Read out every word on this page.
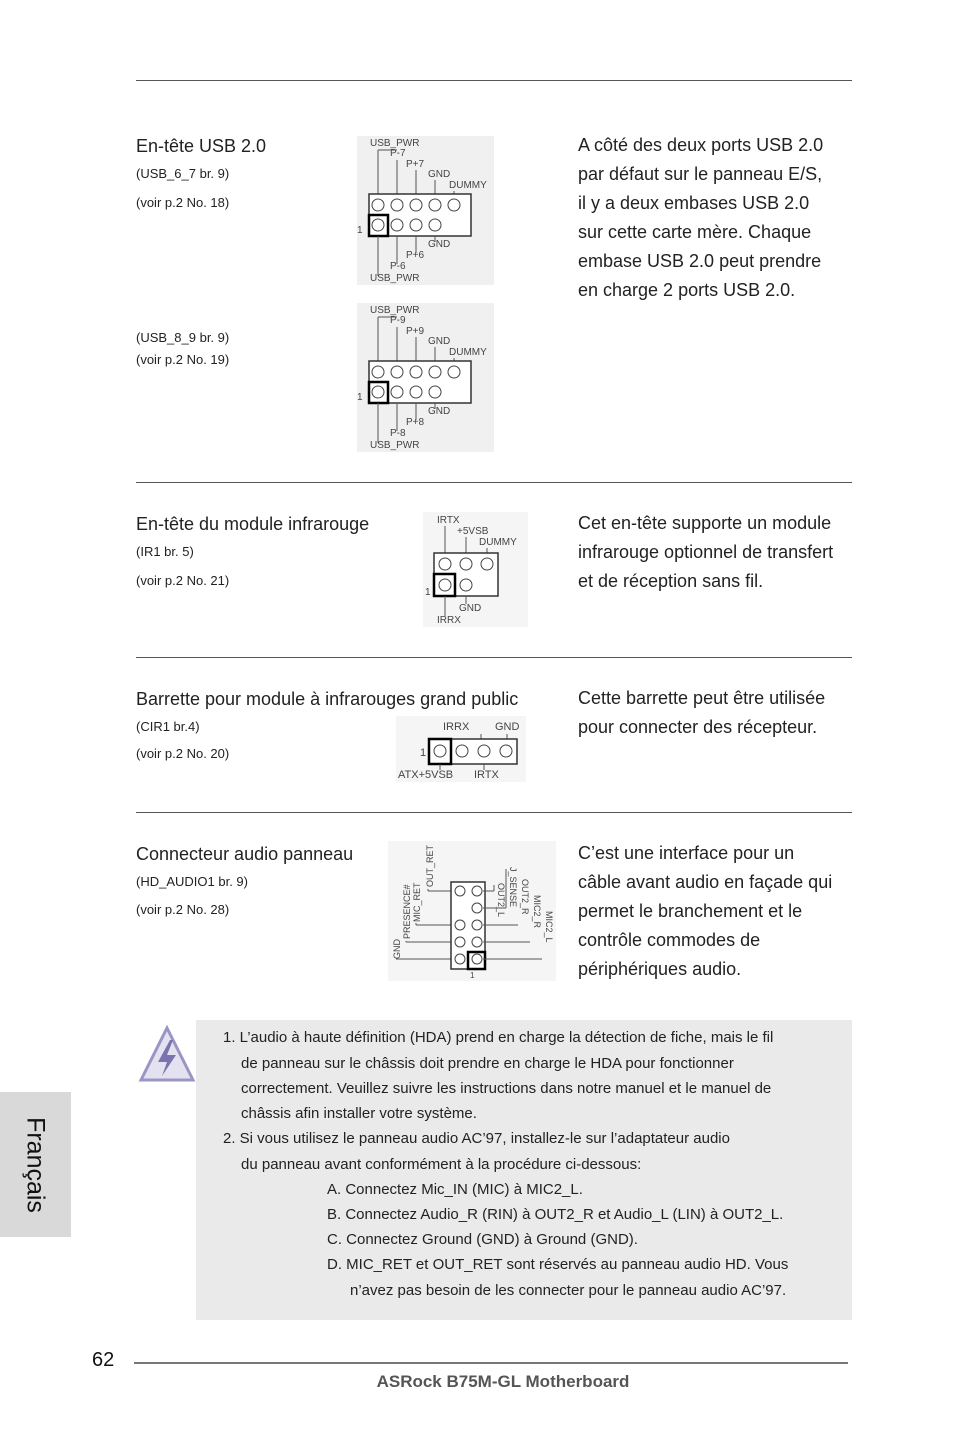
En-tête USB 2.0
(USB_6_7 br. 9)
(voir p.2 No. 18)
(USB_8_9 br. 9)
(voir p.2 No. 19)
A côté des deux ports USB 2.0
par défaut sur le panneau E/S,
il y a deux embases USB 2.0
sur cette carte mère. Chaque
embase USB 2.0 peut prendre
en charge 2 ports USB 2.0.
USB_PWR
P-7
P+7
GND
DUMMY
1
GND
P+6
P-6
USB_PWR
USB_PWR
P-9
P+9
GND
DUMMY
1
GND
P+8
P-8
USB_PWR
En-tête du module infrarouge
(IR1 br. 5)
(voir p.2 No. 21)
Cet en-tête supporte un module
infrarouge optionnel de transfert
et de réception sans fil.
IRTX
+5VSB
DUMMY
1
GND
IRRX
Barrette pour module à infrarouges grand public
(CIR1 br.4)
(voir p.2 No. 20)
Cette barrette peut être utilisée
pour connecter des récepteur.
IRRX GND
1
ATX+5VSB IRTX
Connecteur audio panneau
(HD_AUDIO1 br. 9)
(voir p.2 No. 28)
C’est une interface pour un
câble avant audio en façade qui
permet le branchement et le
contrôle commodes de
périphériques audio.
GND
PRESENCE# MIC_RET
OUT_RET
OUT2_L J_SENSE OUT2_R MIC2_R MIC2_L
1
Français
1. L’audio à haute définition (HDA) prend en charge la détection de fiche, mais le fil
de panneau sur le châssis doit prendre en charge le HDA pour fonctionner
correctement. Veuillez suivre les instructions dans notre manuel et le manuel de
châssis afin installer votre système.
2. Si vous utilisez le panneau audio AC’97, installez-le sur l’adaptateur audio
du panneau avant conformément à la procédure ci-dessous:
A. Connectez Mic_IN (MIC) à MIC2_L.
B. Connectez Audio_R (RIN) à OUT2_R et Audio_L (LIN) à OUT2_L.
C. Connectez Ground (GND) à Ground (GND).
D. MIC_RET et OUT_RET sont réservés au panneau audio HD. Vous
n’avez pas besoin de les connecter pour le panneau audio AC’97.
62
ASRock B75M-GL Motherboard
